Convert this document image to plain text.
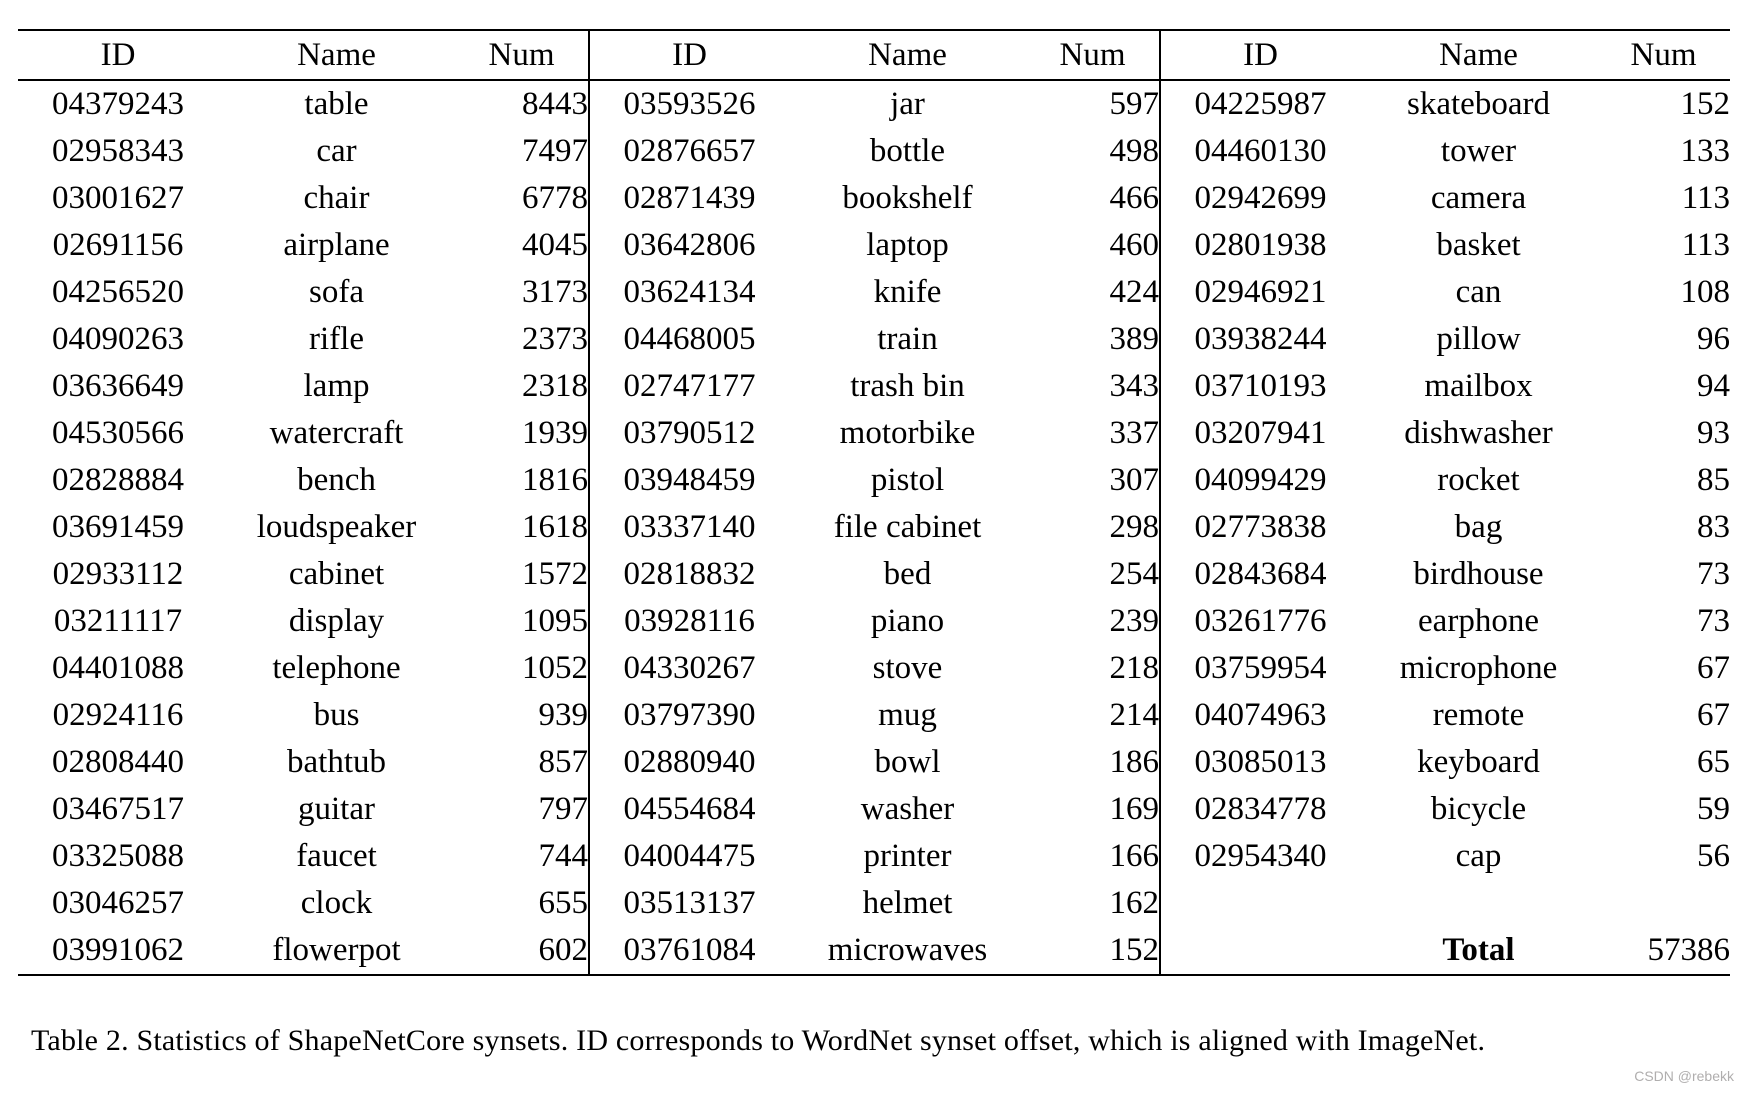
ID	Name	Num	ID	Name	Num	ID	Name	Num
04379243	table	8443	03593526	jar	597	04225987	skateboard	152
02958343	car	7497	02876657	bottle	498	04460130	tower	133
03001627	chair	6778	02871439	bookshelf	466	02942699	camera	113
02691156	airplane	4045	03642806	laptop	460	02801938	basket	113
04256520	sofa	3173	03624134	knife	424	02946921	can	108
04090263	rifle	2373	04468005	train	389	03938244	pillow	96
03636649	lamp	2318	02747177	trash bin	343	03710193	mailbox	94
04530566	watercraft	1939	03790512	motorbike	337	03207941	dishwasher	93
02828884	bench	1816	03948459	pistol	307	04099429	rocket	85
03691459	loudspeaker	1618	03337140	file cabinet	298	02773838	bag	83
02933112	cabinet	1572	02818832	bed	254	02843684	birdhouse	73
03211117	display	1095	03928116	piano	239	03261776	earphone	73
04401088	telephone	1052	04330267	stove	218	03759954	microphone	67
02924116	bus	939	03797390	mug	214	04074963	remote	67
02808440	bathtub	857	02880940	bowl	186	03085013	keyboard	65
03467517	guitar	797	04554684	washer	169	02834778	bicycle	59
03325088	faucet	744	04004475	printer	166	02954340	cap	56
03046257	clock	655	03513137	helmet	162			
03991062	flowerpot	602	03761084	microwaves	152		Total	57386
Table 2. Statistics of ShapeNetCore synsets. ID corresponds to WordNet synset offset, which is aligned with ImageNet.
CSDN @rebekk
